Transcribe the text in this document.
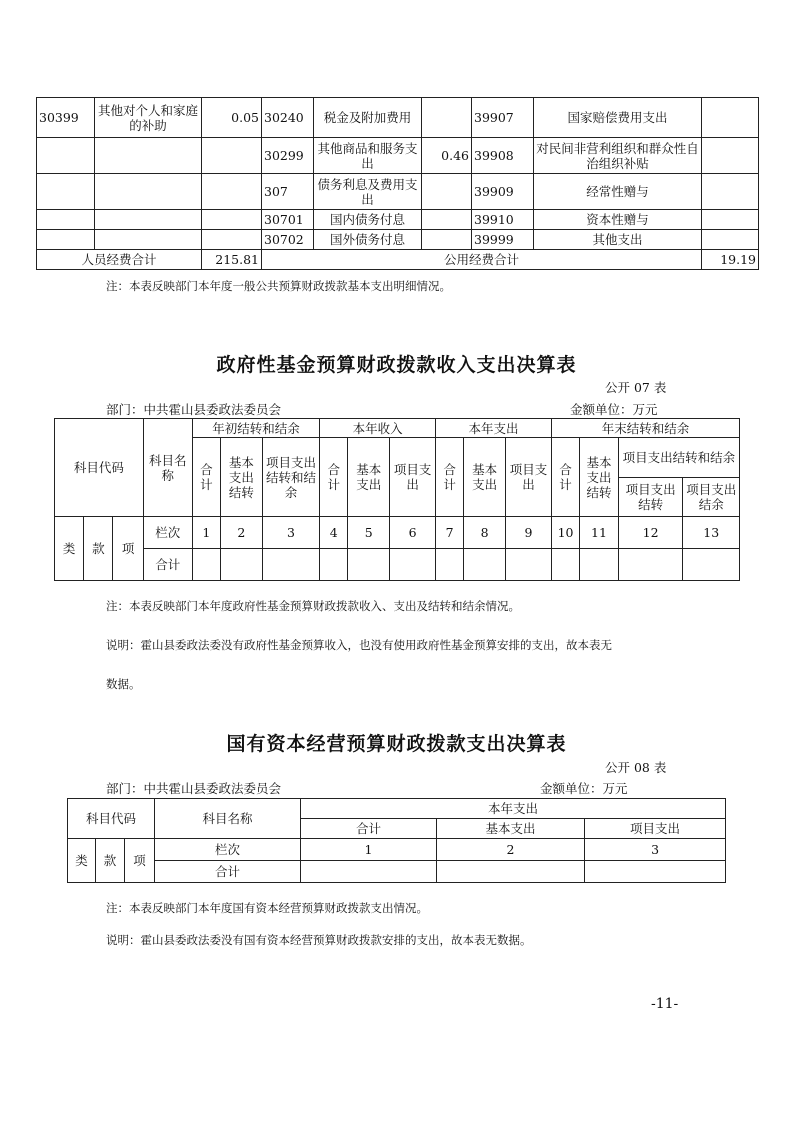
30399	其他对个人和家庭的补助	0.05	30240	税金及附加费用		39907	国家赔偿费用支出	
			30299	其他商品和服务支出	0.46	39908	对民间非营利组织和群众性自治组织补贴	
			307	债务利息及费用支出		39909	经常性赠与	
			30701	国内债务付息		39910	资本性赠与	
			30702	国外债务付息		39999	其他支出	
人员经费合计		215.81	公用经费合计					19.19
注：本表反映部门本年度一般公共预算财政拨款基本支出明细情况。
政府性基金预算财政拨款收入支出决算表
公开 07 表
部门：中共霍山县委政法委员会	金额单位：万元
科目代码			科目名称	年初结转和结余			本年收入			本年支出			年末结转和结余			
				合计	基本支出结转	项目支出结转和结余	合计	基本支出	项目支出	合计	基本支出	项目支出	合计	基本支出结转	项目支出结转和结余	
															项目支出结转	项目支出结余
类	款	项	栏次	1	2	3	4	5	6	7	8	9	10	11	12	13
			合计													
注：本表反映部门本年度政府性基金预算财政拨款收入、支出及结转和结余情况。
说明：霍山县委政法委没有政府性基金预算收入，也没有使用政府性基金预算安排的支出，故本表无
数据。
国有资本经营预算财政拨款支出决算表
公开 08 表
部门：中共霍山县委政法委员会	金额单位：万元
科目代码			科目名称	本年支出		
				合计	基本支出	项目支出
类	款	项	栏次	1	2	3
			合计			
注：本表反映部门本年度国有资本经营预算财政拨款支出情况。
说明：霍山县委政法委没有国有资本经营预算财政拨款安排的支出，故本表无数据。
-11-
